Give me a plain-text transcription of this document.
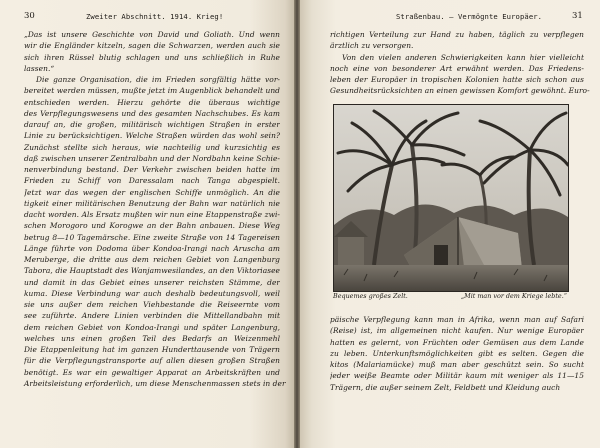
30	Zweiter Abschnitt. 1914. Krieg!
„Das ist unsere Geschichte von David und Goliath. Und wenn
wir die Engländer kitzeln, sagen die Schwarzen, werden auch sie
sich ihren Rüssel blutig schlagen und uns schließlich in Ruhe
lassen.“
Die ganze Organisation, die im Frieden sorgfältig hätte vor-
bereitet werden müssen, mußte jetzt im Augenblick behandelt und
entschieden werden. Hierzu gehörte die überaus wichtige
des Verpflegungswesens und des gesamten Nachschubes. Es kam
darauf an, die großen, militärisch wichtigen Straßen in erster
Linie zu berücksichtigen. Welche Straßen würden das wohl sein?
Zunächst stellte sich heraus, wie nachteilig und kurzsichtig es
daß zwischen unserer Zentralbahn und der Nordbahn keine Schie-
nenverbindung bestand. Der Verkehr zwischen beiden hatte im
Frieden zu Schiff von Daressalam nach Tanga abgespielt.
Jetzt war das wegen der englischen Schiffe unmöglich. An die
tigkeit einer militärischen Benutzung der Bahn war natürlich nie
dacht worden. Als Ersatz mußten wir nun eine Etappenstraße zwi-
schen Morogoro und Korogwe an der Bahn anbauen. Diese Weg
betrug 8—10 Tagemärsche. Eine zweite Straße von 14 Tagereisen
Länge führte von Dodoma über Kondoa-Irangi nach Aruscha am
Meruberge, die dritte aus dem reichen Gebiet von Langenburg
Tabora, die Hauptstadt des Wanjamwesilandes, an den Viktoriasee
und damit in das Gebiet eines unserer reichsten Stämme, der
kuma. Diese Verbindung war auch deshalb bedeutungsvoll, weil
sie uns außer dem reichen Viehbestande die Reiseernte vom
see zuführte. Andere Linien verbinden die Mittellandbahn mit
dem reichen Gebiet von Kondoa-Irangi und später Langenburg,
welches uns einen großen Teil des Bedarfs an Weizenmehl
Die Etappenleitung hat im ganzen Hunderttausende von Trägern
für die Verpflegungstransporte auf allen diesen großen Straßen
benötigt. Es war ein gewaltiger Apparat an Arbeitskräften und
Arbeitsleistung erforderlich, um diese Menschenmassen stets in der
Straßenbau. — Vermögnte Europäer.	31
richtigen Verteilung zur Hand zu haben, täglich zu verpflegen
ärztlich zu versorgen.
Von den vielen anderen Schwierigkeiten kann hier vielleicht
noch eine von besonderer Art erwähnt werden. Das Friedens-
leben der Europäer in tropischen Kolonien hatte sich schon aus
Gesundheitsrücksichten an einen gewissen Komfort gewöhnt. Euro-
päische Verpflegung kann man in Afrika, wenn man auf Safari
(Reise) ist, im allgemeinen nicht kaufen. Nur wenige Europäer
hatten es gelernt, von Früchten oder Gemüsen aus dem Lande
zu leben. Unterkunftsmöglichkeiten gibt es selten. Gegen die
kitos (Malariamücke) muß man aber geschützt sein. So sucht
jeder weiße Beamte oder Militär kaum mit weniger als 11—15
Trägern, die außer seinem Zelt, Feldbett und Kleidung auch
Bequemes großes Zelt.	„Mit man vor dem Kriege lebte.“
